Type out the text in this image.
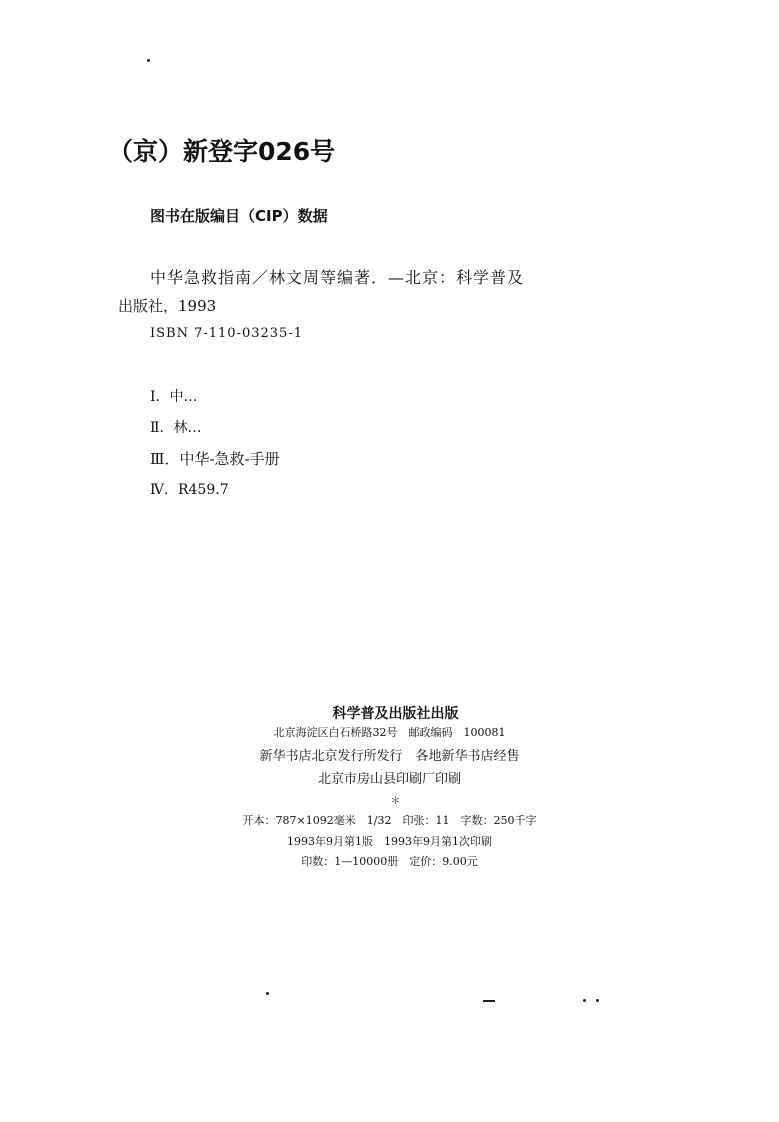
（京）新登字026号
图书在版编目（CIP）数据
中华急救指南／林文周等编著．—北京：科学普及
出版社，1993
ISBN 7-110-03235-1
Ⅰ．中…
Ⅱ．林…
Ⅲ．中华-急救-手册
Ⅳ．R459.7
科学普及出版社出版
北京海淀区白石桥路32号　邮政编码　100081
新华书店北京发行所发行　各地新华书店经售
北京市房山县印刷厂印刷
＊
开本：787×1092毫米　1/32　印张：11　字数：250千字
1993年9月第1版　1993年9月第1次印刷
印数：1—10000册　定价：9.00元
